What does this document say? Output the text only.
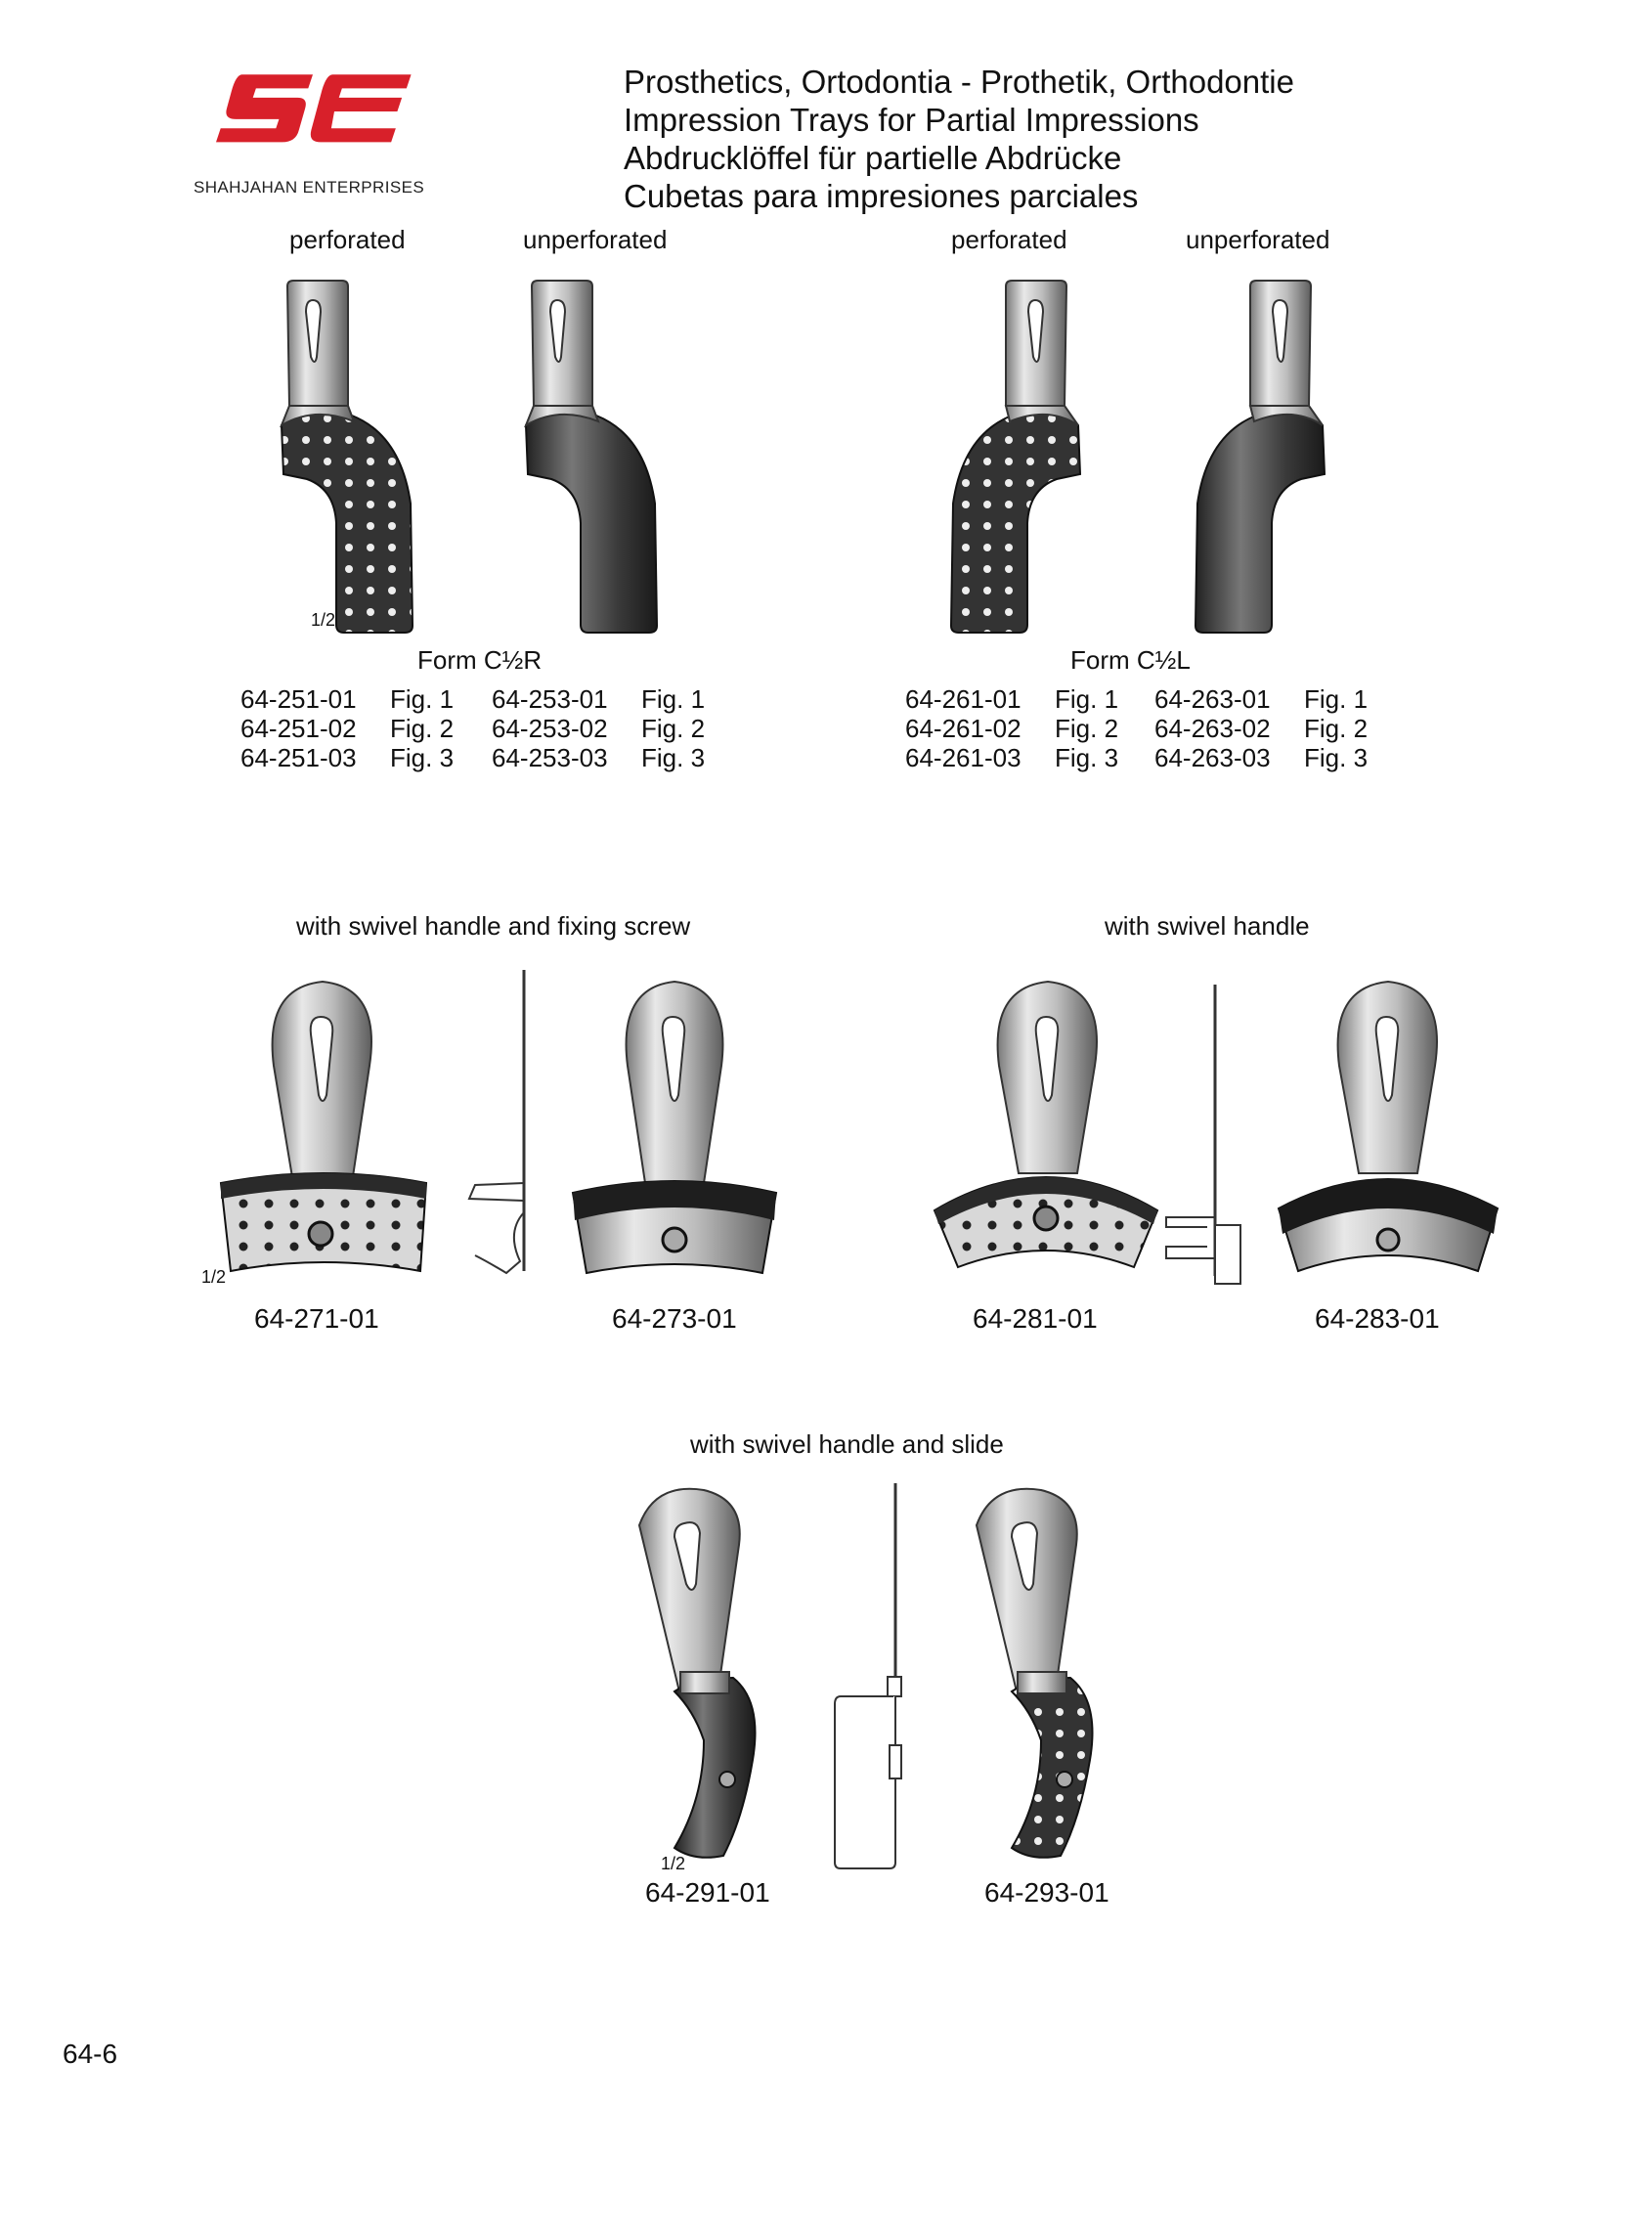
SHAHJAHAN ENTERPRISES
Prosthetics, Ortodontia - Prothetik, Orthodontie
Impression Trays for Partial Impressions
Abdrucklöffel für partielle Abdrücke
Cubetas para impresiones parciales
perforated	unperforated	perforated	unperforated
1/2
Form C½R	Form C½L
64-251-01 Fig. 1 64-253-01 Fig. 1
64-251-02 Fig. 2 64-253-02 Fig. 2
64-251-03 Fig. 3 64-253-03 Fig. 3
64-261-01 Fig. 1 64-263-01 Fig. 1
64-261-02 Fig. 2 64-263-02 Fig. 2
64-261-03 Fig. 3 64-263-03 Fig. 3
with swivel handle and fixing screw	with swivel handle
1/2
64-271-01	64-273-01	64-281-01	64-283-01
with swivel handle and slide
1/2
64-291-01	64-293-01
64-6
